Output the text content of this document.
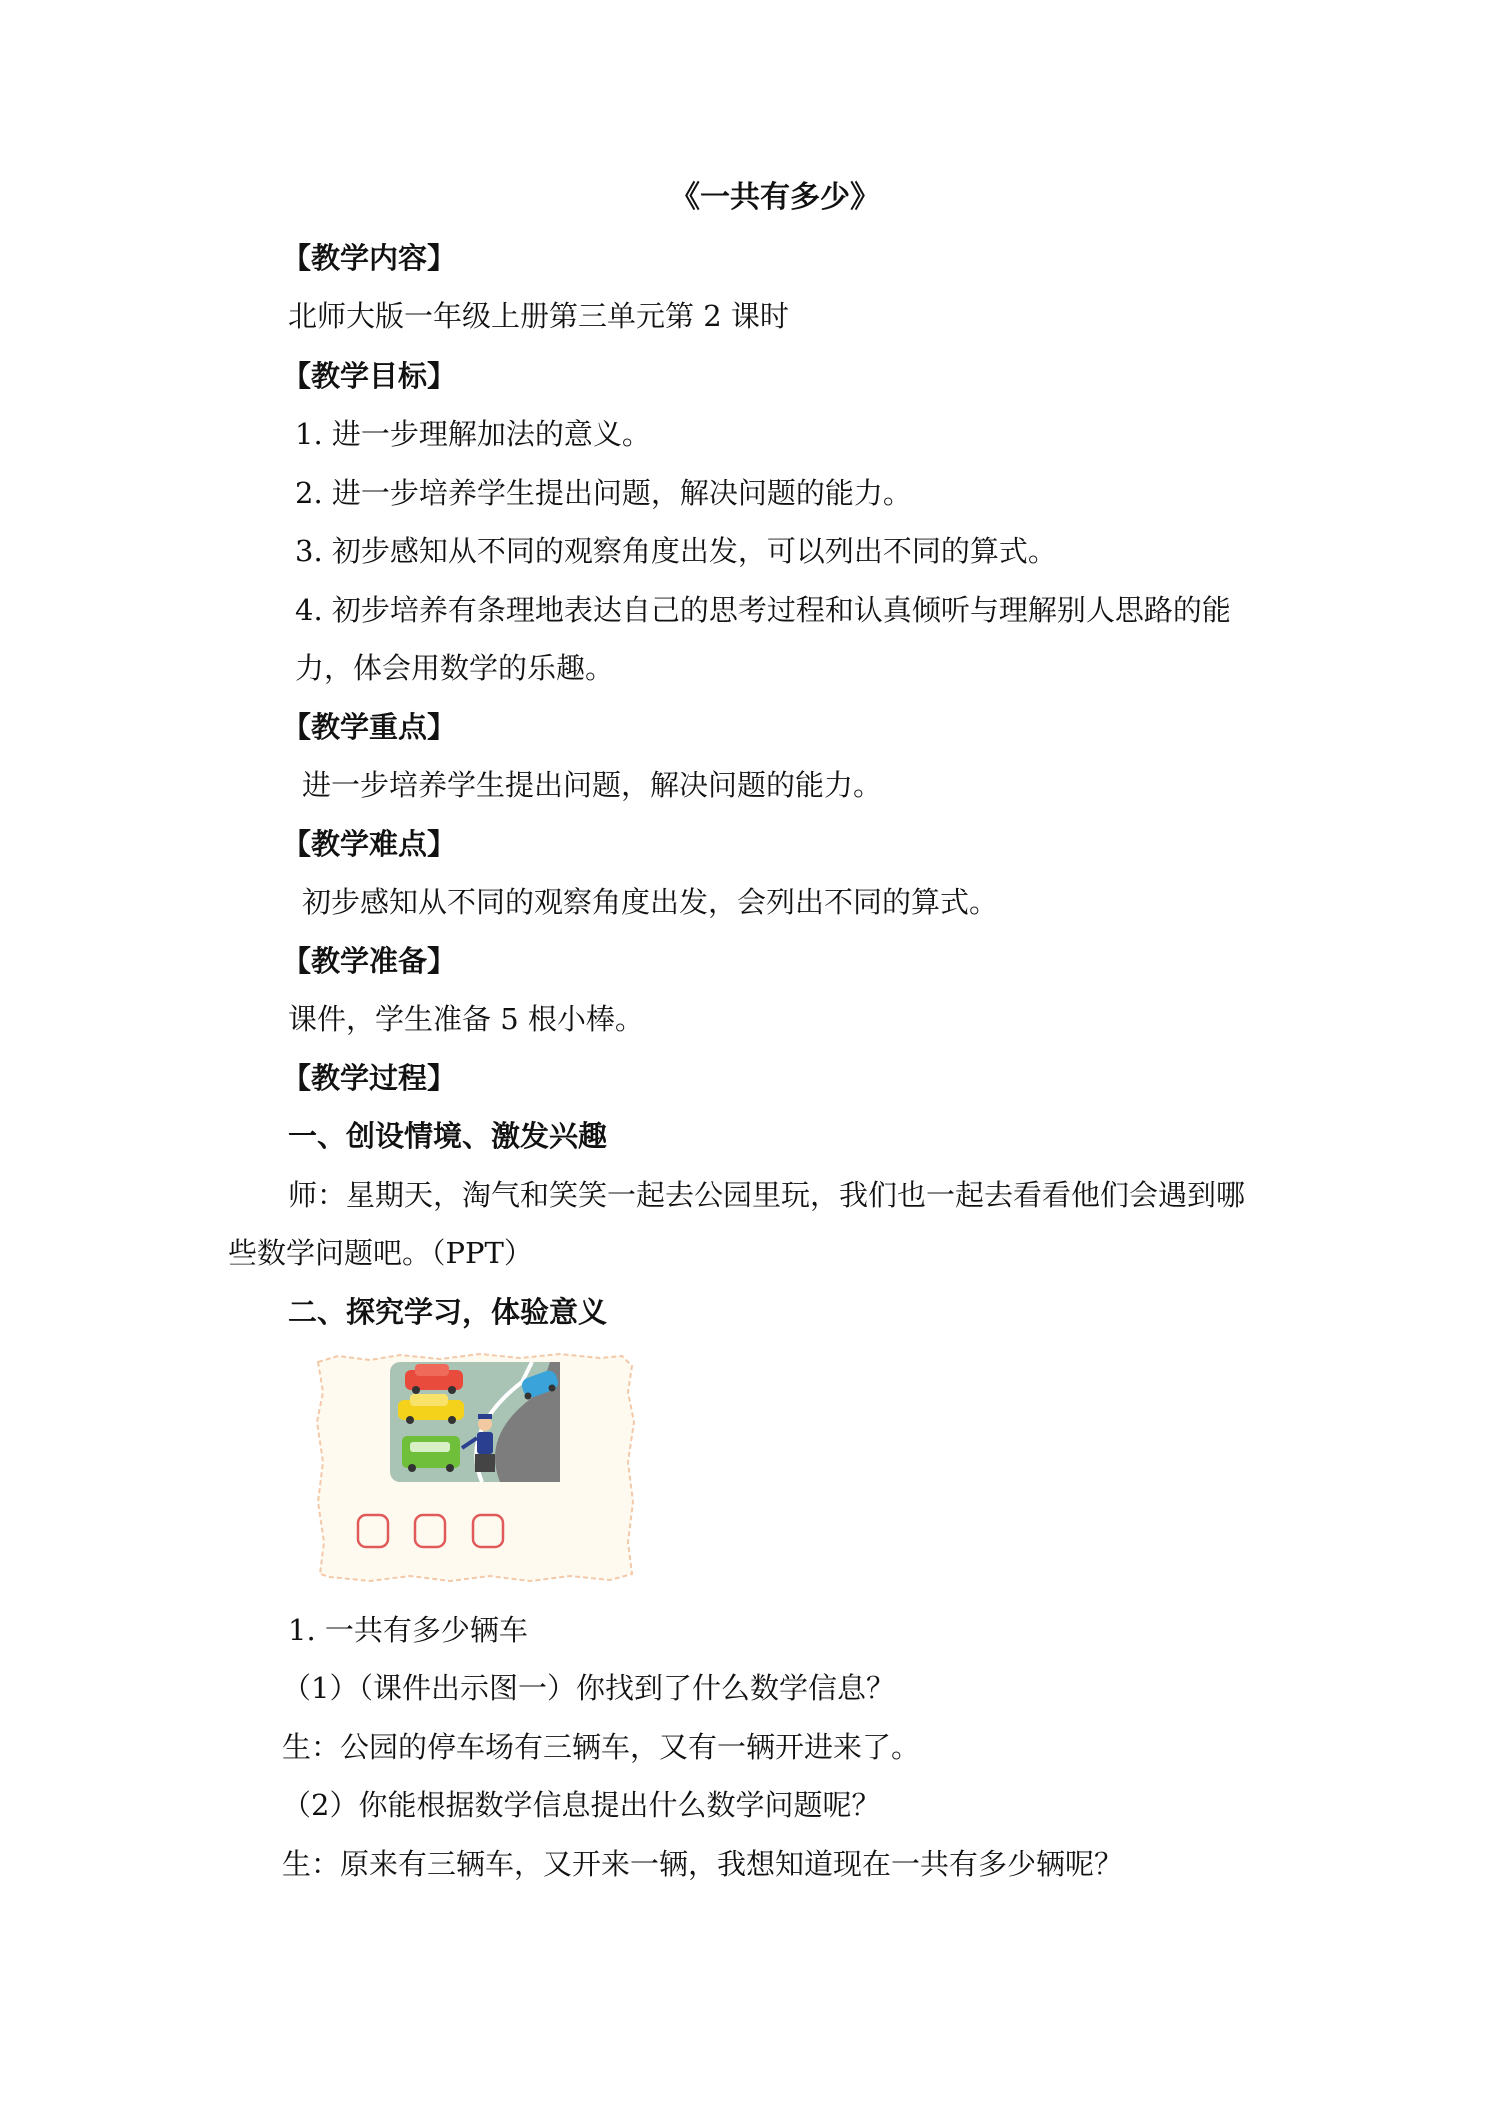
《一共有多少》
【教学内容】
北师大版一年级上册第三单元第 2 课时
【教学目标】
1. 进一步理解加法的意义。
2. 进一步培养学生提出问题，解决问题的能力。
3. 初步感知从不同的观察角度出发，可以列出不同的算式。
4. 初步培养有条理地表达自己的思考过程和认真倾听与理解别人思路的能
力，体会用数学的乐趣。
【教学重点】
进一步培养学生提出问题，解决问题的能力。
【教学难点】
初步感知从不同的观察角度出发，会列出不同的算式。
【教学准备】
课件，学生准备 5 根小棒。
【教学过程】
一、创设情境、激发兴趣
师：星期天，淘气和笑笑一起去公园里玩，我们也一起去看看他们会遇到哪
些数学问题吧。（PPT）
二、探究学习，体验意义
1. 一共有多少辆车
（1）（课件出示图一）你找到了什么数学信息？
生：公园的停车场有三辆车，又有一辆开进来了。
（2）你能根据数学信息提出什么数学问题呢？
生：原来有三辆车，又开来一辆，我想知道现在一共有多少辆呢？
